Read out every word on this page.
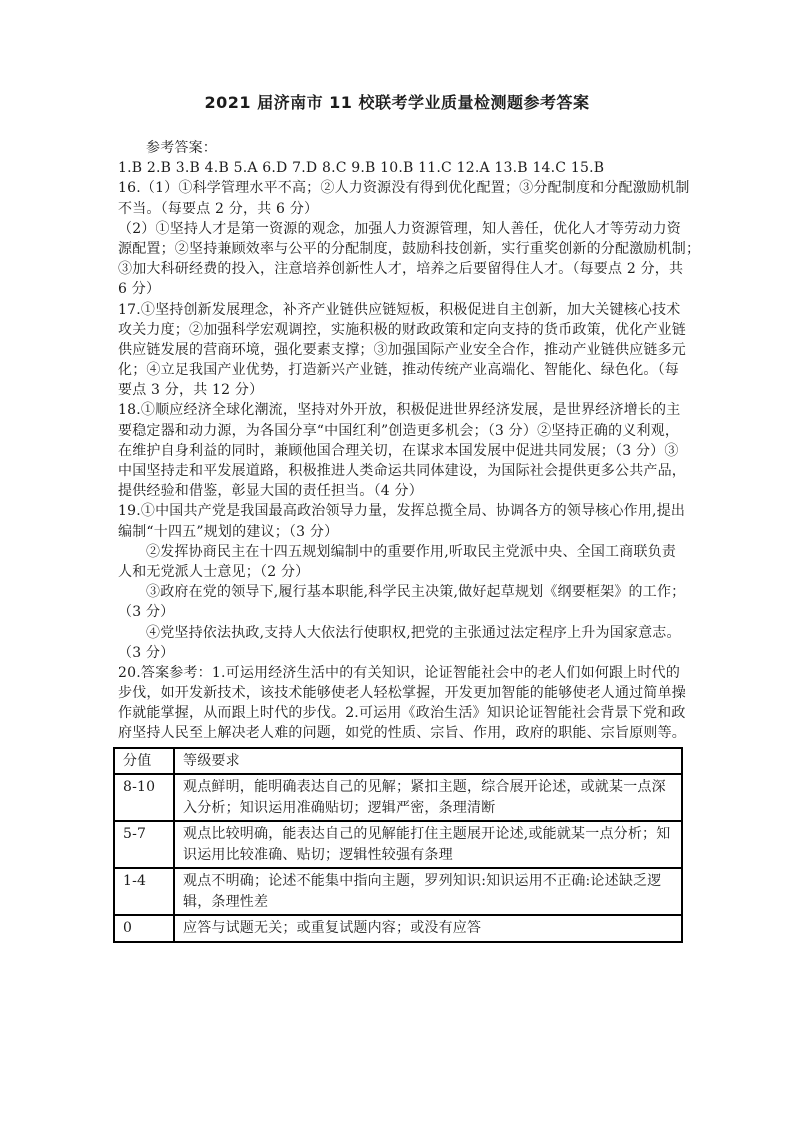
2021 届济南市 11 校联考学业质量检测题参考答案
参考答案：
1.B 2.B 3.B 4.B 5.A 6.D 7.D 8.C 9.B 10.B 11.C 12.A 13.B 14.C 15.B
16.（1）①科学管理水平不高；②人力资源没有得到优化配置；③分配制度和分配激励机制
不当。（每要点 2 分，共 6 分）
（2）①坚持人才是第一资源的观念，加强人力资源管理，知人善任，优化人才等劳动力资
源配置；②坚持兼顾效率与公平的分配制度，鼓励科技创新，实行重奖创新的分配激励机制；
③加大科研经费的投入，注意培养创新性人才，培养之后要留得住人才。（每要点 2 分，共
6 分）
17.①坚持创新发展理念，补齐产业链供应链短板，积极促进自主创新，加大关键核心技术
攻关力度；②加强科学宏观调控，实施积极的财政政策和定向支持的货币政策，优化产业链
供应链发展的营商环境，强化要素支撑；③加强国际产业安全合作，推动产业链供应链多元
化；④立足我国产业优势，打造新兴产业链，推动传统产业高端化、智能化、绿色化。（每
要点 3 分，共 12 分）
18.①顺应经济全球化潮流，坚持对外开放，积极促进世界经济发展，是世界经济增长的主
要稳定器和动力源，为各国分享“中国红利”创造更多机会；（3 分）②坚持正确的义利观，
在维护自身利益的同时，兼顾他国合理关切，在谋求本国发展中促进共同发展；（3 分）③
中国坚持走和平发展道路，积极推进人类命运共同体建设，为国际社会提供更多公共产品，
提供经验和借鉴，彰显大国的责任担当。（4 分）
19.①中国共产党是我国最高政治领导力量，发挥总揽全局、协调各方的领导核心作用,提出
编制“十四五”规划的建议；（3 分）
②发挥协商民主在十四五规划编制中的重要作用,听取民主党派中央、全国工商联负责
人和无党派人士意见；（2 分）
③政府在党的领导下,履行基本职能,科学民主决策,做好起草规划《纲要框架》的工作；
（3 分）
④党坚持依法执政,支持人大依法行使职权,把党的主张通过法定程序上升为国家意志。
（3 分）
20.答案参考：1.可运用经济生活中的有关知识，论证智能社会中的老人们如何跟上时代的
步伐，如开发新技术，该技术能够使老人轻松掌握，开发更加智能的能够使老人通过简单操
作就能掌握，从而跟上时代的步伐。2.可运用《政治生活》知识论证智能社会背景下党和政
府坚持人民至上解决老人难的问题，如党的性质、宗旨、作用，政府的职能、宗旨原则等。
分值	等级要求
8-10	观点鲜明，能明确表达自己的见解；紧扣主题，综合展开论述，或就某一点深入分析；知识运用准确贴切；逻辑严密，条理清断
5-7	观点比较明确，能表达自己的见解能打住主题展开论述,或能就某一点分析；知识运用比较准确、贴切；逻辑性较强有条理
1-4	观点不明确；论述不能集中指向主题，罗列知识:知识运用不正确:论述缺乏逻辑，条理性差
0	应答与试题无关；或重复试题内容；或没有应答
